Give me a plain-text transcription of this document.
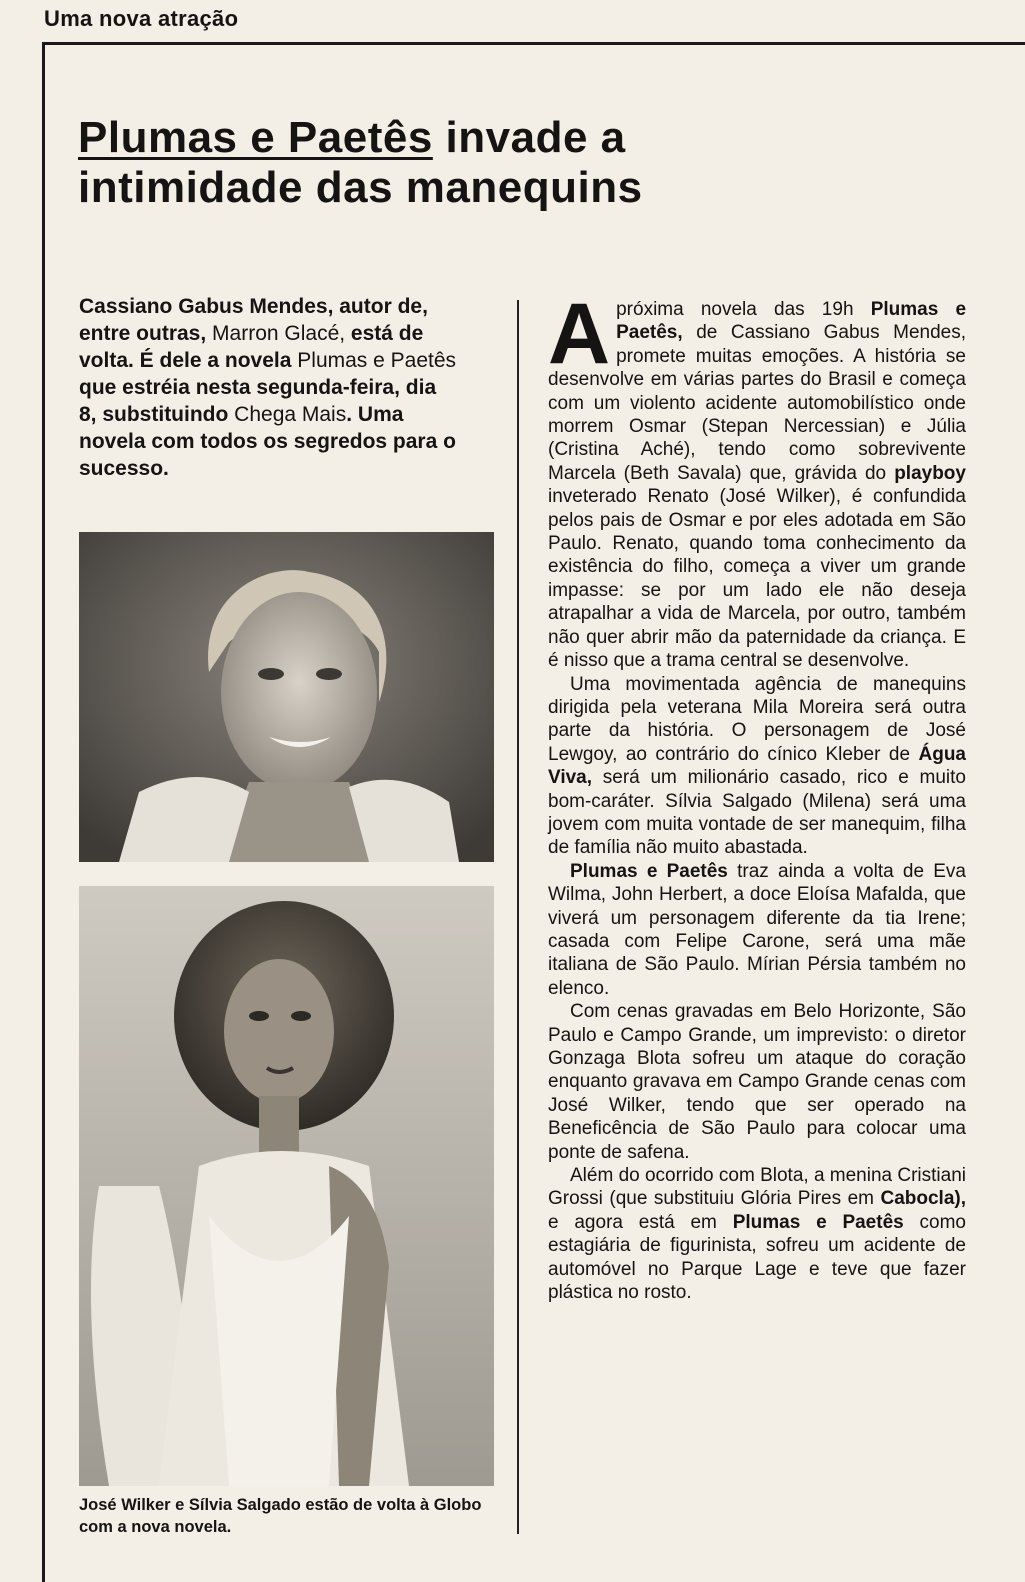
Uma nova atração
Plumas e Paetês invade a
intimidade das manequins

Cassiano Gabus Mendes, autor de, entre outras, Marron Glacé, está de volta. É dele a novela Plumas e Paetês que estréia nesta segunda-feira, dia 8, substituindo Chega Mais. Uma novela com todos os segredos para o sucesso.

José Wilker e Sílvia Salgado estão de volta à Globo com a nova novela.

A próxima novela das 19h Plumas e Paetês, de Cassiano Gabus Mendes, promete muitas emoções. A história se desenvolve em várias partes do Brasil e começa com um violento acidente automobilístico onde morrem Osmar (Stepan Nercessian) e Júlia (Cristina Aché), tendo como sobrevivente Marcela (Beth Savala) que, grávida do playboy inveterado Renato (José Wilker), é confundida pelos pais de Osmar e por eles adotada em São Paulo. Renato, quando toma conhecimento da existência do filho, começa a viver um grande impasse: se por um lado ele não deseja atrapalhar a vida de Marcela, por outro, também não quer abrir mão da paternidade da criança. E é nisso que a trama central se desenvolve.

Uma movimentada agência de manequins dirigida pela veterana Mila Moreira será outra parte da história. O personagem de José Lewgoy, ao contrário do cínico Kleber de Água Viva, será um milionário casado, rico e muito bom-caráter. Sílvia Salgado (Milena) será uma jovem com muita vontade de ser manequim, filha de família não muito abastada.

Plumas e Paetês traz ainda a volta de Eva Wilma, John Herbert, a doce Eloísa Mafalda, que viverá um personagem diferente da tia Irene; casada com Felipe Carone, será uma mãe italiana de São Paulo. Mírian Pérsia também no elenco.

Com cenas gravadas em Belo Horizonte, São Paulo e Campo Grande, um imprevisto: o diretor Gonzaga Blota sofreu um ataque do coração enquanto gravava em Campo Grande cenas com José Wilker, tendo que ser operado na Beneficência de São Paulo para colocar uma ponte de safena.

Além do ocorrido com Blota, a menina Cristiani Grossi (que substituiu Glória Pires em Cabocla), e agora está em Plumas e Paetês como estagiária de figurinista, sofreu um acidente de automóvel no Parque Lage e teve que fazer plástica no rosto.
